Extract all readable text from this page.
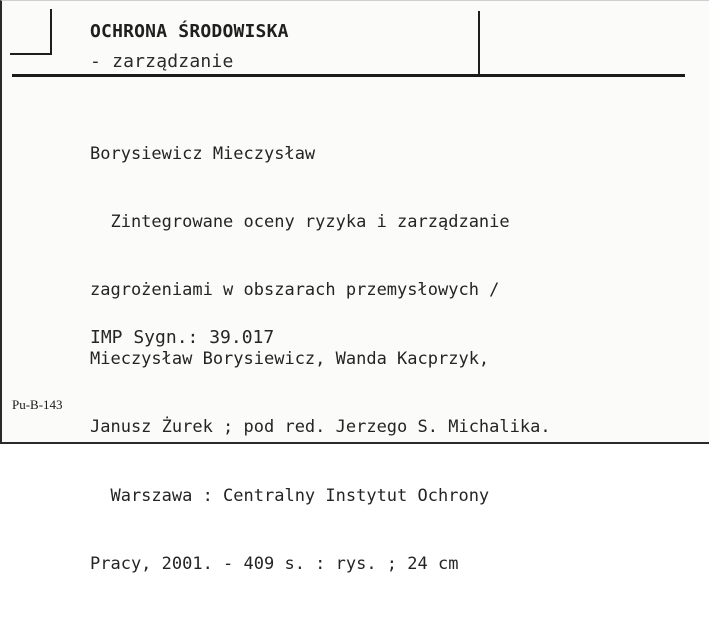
OCHRONA ŚRODOWISKA
- zarządzanie

Borysiewicz Mieczysław

Zintegrowane oceny ryzyka i zarządzanie

zagrożeniami w obszarach przemysłowych /

Mieczysław Borysiewicz, Wanda Kacprzyk,

Janusz Żurek ; pod red. Jerzego S. Michalika.

Warszawa : Centralny Instytut Ochrony

Pracy, 2001. - 409 s. : rys. ; 24 cm

IMP Sygn.: 39.017
Pu-B-143
